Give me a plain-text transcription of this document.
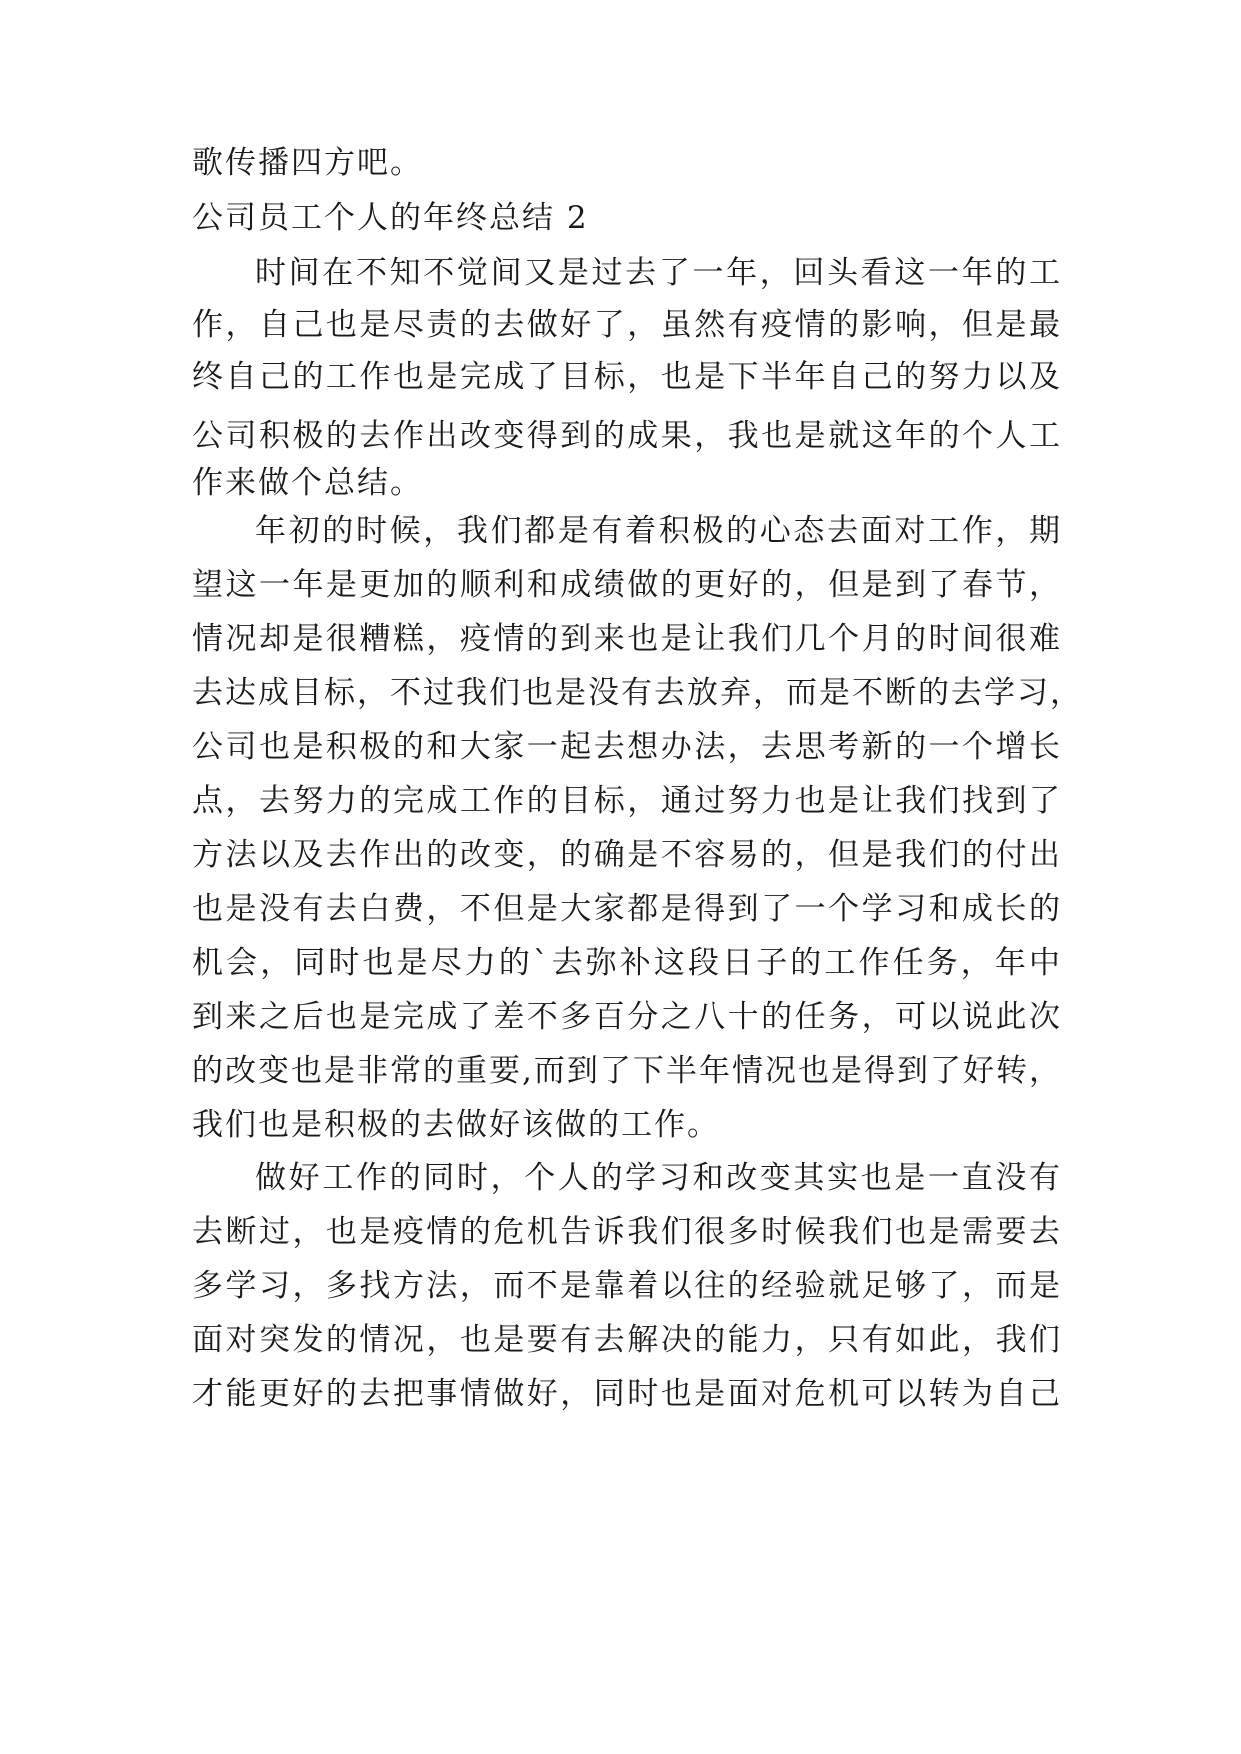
歌传播四方吧。
公司员工个人的年终总结 2
时间在不知不觉间又是过去了一年，回头看这一年的工
作，自己也是尽责的去做好了，虽然有疫情的影响，但是最
终自己的工作也是完成了目标，也是下半年自己的努力以及
公司积极的去作出改变得到的成果，我也是就这年的个人工
作来做个总结。
年初的时候，我们都是有着积极的心态去面对工作，期
望这一年是更加的顺利和成绩做的更好的，但是到了春节，
情况却是很糟糕，疫情的到来也是让我们几个月的时间很难
去达成目标，不过我们也是没有去放弃，而是不断的去学习，
公司也是积极的和大家一起去想办法，去思考新的一个增长
点，去努力的完成工作的目标，通过努力也是让我们找到了
方法以及去作出的改变，的确是不容易的，但是我们的付出
也是没有去白费，不但是大家都是得到了一个学习和成长的
机会，同时也是尽力的`去弥补这段日子的工作任务，年中
到来之后也是完成了差不多百分之八十的任务，可以说此次
的改变也是非常的重要,而到了下半年情况也是得到了好转，
我们也是积极的去做好该做的工作。
做好工作的同时，个人的学习和改变其实也是一直没有
去断过，也是疫情的危机告诉我们很多时候我们也是需要去
多学习，多找方法，而不是靠着以往的经验就足够了，而是
面对突发的情况，也是要有去解决的能力，只有如此，我们
才能更好的去把事情做好，同时也是面对危机可以转为自己
